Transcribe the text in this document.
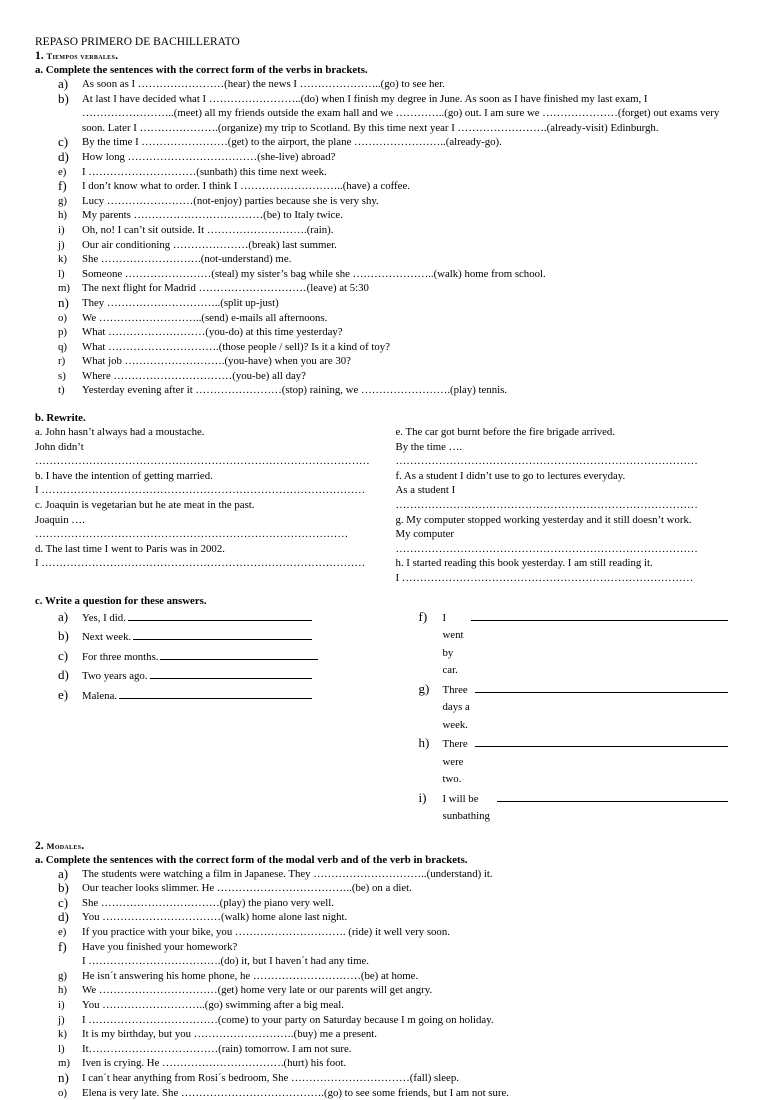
REPASO PRIMERO DE BACHILLERATO
1. Tiempos verbales.
a. Complete the sentences with the correct form of the verbs in brackets.
a)	As soon as I ……………………(hear) the news I …………………..(go) to see her.
b)	At last I have decided what I ……………………..(do) when I finish my degree in June. As soon as I have finished my last exam, I ……………………..(meet) all my friends outside the exam hall and we …………..(go) out. I am sure we …………………(forget) out exams very soon. Later I ………………….(organize) my trip to Scotland. By this time next year I …………………….(already-visit) Edinburgh.
c)	By the time I ……………………(get) to the airport, the plane ……………………..(already-go).
d)	How long ………………………………(she-live) abroad?
e)	I …………………………(sunbath) this time next week.
f)	I don’t know what to order. I think I ………………………..(have) a coffee.
g)	Lucy ……………………(not-enjoy) parties because she is very shy.
h)	My parents ………………………………(be) to Italy twice.
i)	Oh, no! I can’t sit outside. It ……………………….(rain).
j)	Our air conditioning …………………(break) last summer.
k)	She ……………………….(not-understand) me.
l)	Someone ……………………(steal) my sister’s bag while she …………………..(walk) home from school.
m)	The next flight for Madrid …………………………(leave) at 5:30
n)	They …………………………..(split up-just)
o)	We ………………………..(send) e-mails all afternoons.
p)	What ………………………(you-do) at this time yesterday?
q)	What ………………………….(those people / sell)? Is it a kind of toy?
r)	What job ……………………….(you-have) when you are 30?
s)	Where ……………………………(you-be) all day?
t)	Yesterday evening after it ……………………(stop) raining, we …………………….(play) tennis.
b. Rewrite.
a. John hasn’t always had a moustache.
John didn’t
…………………………………………………………………………………
b. I have the intention of getting married.
I ………………………………………………………………………………
c. Joaquin is vegetarian but he ate meat in the past.
Joaquin ….
……………………………………………………………………………
d. The last time I went to Paris was in 2002.
I ………………………………………………………………………………
e. The car got burnt before the fire brigade arrived.
By the time ….
…………………………………………………………………………
f. As a student I didn’t use to go to lectures everyday.
As a student I
…………………………………………………………………………
g. My computer stopped working yesterday and it still doesn’t work.
My computer
…………………………………………………………………………
h. I started reading this book yesterday. I am still reading it.
I ………………………………………………………………………
c. Write a question for these answers.
a)	Yes, I did.
b)	Next week.
c)	For three months.
d)	Two years ago.
e)	Malena.
f)	I went by car.
g)	Three days a week.
h)	There were two.
i)	I will be sunbathing
2. Modales.
a. Complete the sentences with the correct form of the modal verb and of the verb in brackets.
a)	The students were watching a film in Japanese. They …………………………..(understand) it.
b)	Our teacher looks slimmer. He ………………………………..(be) on a diet.
c)	She ……………………………(play) the piano very well.
d)	You ……………………………(walk) home alone last night.
e)	If you practice with your bike, you …………………………. (ride) it well very soon.
f)	Have you finished your homework?
I ……………………………….(do) it, but I haven´t had any time.
g)	He isn´t answering his home phone, he …………………………(be) at home.
h)	We ……………………………(get) home very late or our parents will get angry.
i)	You ………………………..(go) swimming after a big meal.
j)	I ………………………………(come) to your party on Saturday because I m going on holiday.
k)	It is my birthday, but you ……………………….(buy) me a present.
l)	It………………………………(rain) tomorrow. I am not sure.
m)	Iven is crying. He …………………………….(hurt) his foot.
n)	I can´t hear anything from Rosi´s bedroom, She ……………………………(fall) sleep.
o)	Elena is very late. She ………………………………….(go) to see some friends, but I am not sure.
